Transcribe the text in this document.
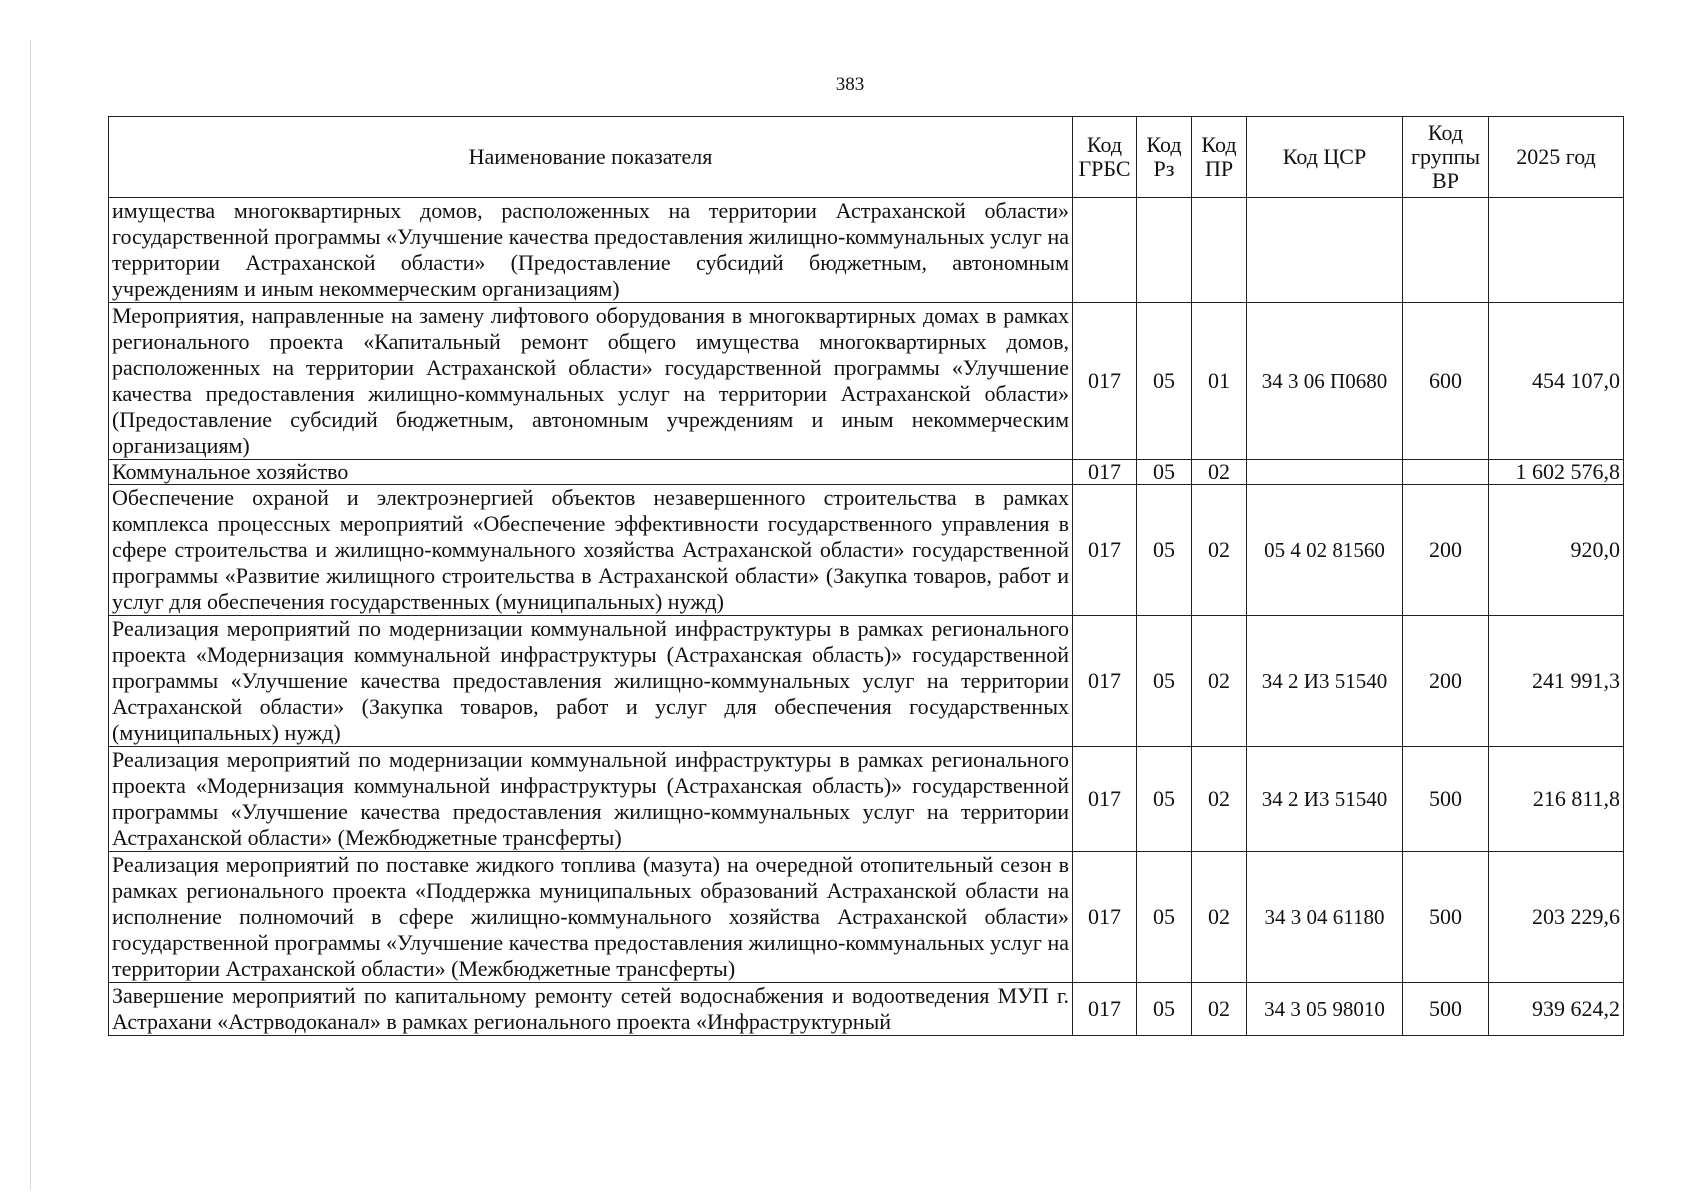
383
Наименование показателя	Код ГРБС	Код Рз	Код ПР	Код ЦСР	Код группы ВР	2025 год
имущества многоквартирных домов, расположенных на территории Астраханской области» государственной программы «Улучшение качества предоставления жилищно-коммунальных услуг на территории Астраханской области» (Предоставление субсидий бюджетным, автономным учреждениям и иным некоммерческим организациям)						
Мероприятия, направленные на замену лифтового оборудования в многоквартирных домах в рамках регионального проекта «Капитальный ремонт общего имущества многоквартирных домов, расположенных на территории Астраханской области» государственной программы «Улучшение качества предоставления жилищно-коммунальных услуг на территории Астраханской области» (Предоставление субсидий бюджетным, автономным учреждениям и иным некоммерческим организациям)	017	05	01	34 3 06 П0680	600	454 107,0
Коммунальное хозяйство	017	05	02			1 602 576,8
Обеспечение охраной и электроэнергией объектов незавершенного строительства в рамках комплекса процессных мероприятий «Обеспечение эффективности государственного управления в сфере строительства и жилищно-коммунального хозяйства Астраханской области» государственной программы «Развитие жилищного строительства в Астраханской области» (Закупка товаров, работ и услуг для обеспечения государственных (муниципальных) нужд)	017	05	02	05 4 02 81560	200	920,0
Реализация мероприятий по модернизации коммунальной инфраструктуры в рамках регионального проекта «Модернизация коммунальной инфраструктуры (Астраханская область)» государственной программы «Улучшение качества предоставления жилищно-коммунальных услуг на территории Астраханской области» (Закупка товаров, работ и услуг для обеспечения государственных (муниципальных) нужд)	017	05	02	34 2 И3 51540	200	241 991,3
Реализация мероприятий по модернизации коммунальной инфраструктуры в рамках регионального проекта «Модернизация коммунальной инфраструктуры (Астраханская область)» государственной программы «Улучшение качества предоставления жилищно-коммунальных услуг на территории Астраханской области» (Межбюджетные трансферты)	017	05	02	34 2 И3 51540	500	216 811,8
Реализация мероприятий по поставке жидкого топлива (мазута) на очередной отопительный сезон в рамках регионального проекта «Поддержка муниципальных образований Астраханской области на исполнение полномочий в сфере жилищно-коммунального хозяйства Астраханской области» государственной программы «Улучшение качества предоставления жилищно-коммунальных услуг на территории Астраханской области» (Межбюджетные трансферты)	017	05	02	34 3 04 61180	500	203 229,6
Завершение мероприятий по капитальному ремонту сетей водоснабжения и водоотведения МУП г. Астрахани «Астрводоканал» в рамках регионального проекта «Инфраструктурный	017	05	02	34 3 05 98010	500	939 624,2
